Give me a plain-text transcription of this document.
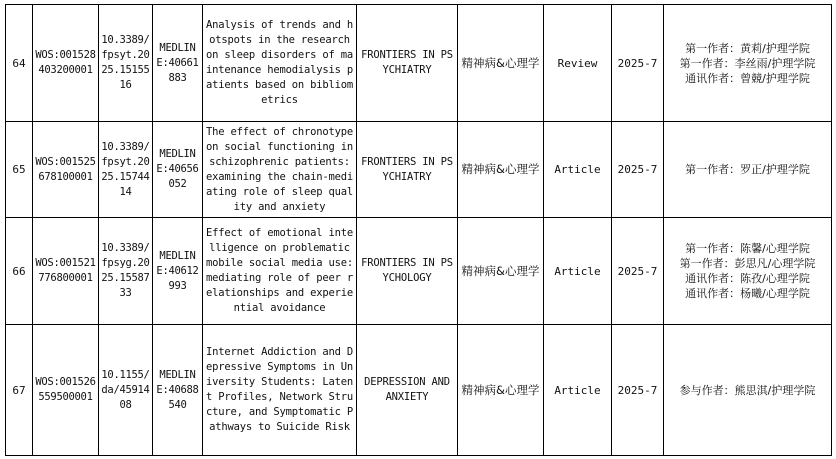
64	WOS:001528403200001	10.3389/fpsyt.2025.1515516	MEDLINE:40661883	Analysis of trends and hotspots in the research on sleep disorders of maintenance hemodialysis patients based on bibliometrics	FRONTIERS IN PSYCHIATRY	精神病&心理学	Review	2025-7	第一作者：黄莉/护理学院
第一作者：李丝雨/护理学院
通讯作者：曾競/护理学院

65	WOS:001525678100001	10.3389/fpsyt.2025.1574414	MEDLINE:40656052	The effect of chronotype on social functioning in schizophrenic patients: examining the chain-mediating role of sleep quality and anxiety	FRONTIERS IN PSYCHIATRY	精神病&心理学	Article	2025-7	第一作者：罗正/护理学院

66	WOS:001521776800001	10.3389/fpsyg.2025.1558733	MEDLINE:40612993	Effect of emotional intelligence on problematic mobile social media use: mediating role of peer relationships and experiential avoidance	FRONTIERS IN PSYCHOLOGY	精神病&心理学	Article	2025-7	第一作者：陈馨/心理学院
第一作者：彭思凡/心理学院
通讯作者：陈孜/心理学院
通讯作者：杨曦/心理学院

67	WOS:001526559500001	10.1155/da/4591408	MEDLINE:40688540	Internet Addiction and Depressive Symptoms in University Students: Latent Profiles, Network Structure, and Symptomatic Pathways to Suicide Risk	DEPRESSION AND ANXIETY	精神病&心理学	Article	2025-7	参与作者：熊思淇/护理学院
